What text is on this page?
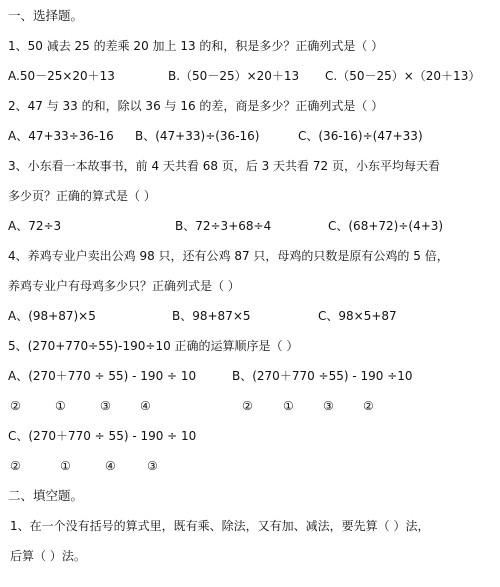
一、选择题。
1、50 减去 25 的差乘 20 加上 13 的和，积是多少？正确列式是（ ）
A.50－25×20＋13	B.（50－25）×20＋13 C.（50－25）×（20＋13）
2、47 与 33 的和，除以 36 与 16 的差，商是多少？正确列式是（ ）
A、47+33÷36-16 B、(47+33)÷(36-16)	C、(36-16)÷(47+33)
3、小东看一本故事书，前 4 天共看 68 页，后 3 天共看 72 页，小东平均每天看
多少页？正确的算式是（ ）
A、72÷3	B、72÷3+68÷4	C、(68+72)÷(4+3)
4、养鸡专业户卖出公鸡 98 只，还有公鸡 87 只，母鸡的只数是原有公鸡的 5 倍，
养鸡专业户有母鸡多少只？正确列式是（ ）
A、(98+87)×5	B、98+87×5	C、98×5+87
5、(270+770÷55)-190÷10 正确的运算顺序是（ ）
A、(270＋770 ÷ 55) - 190 ÷ 10	B、(270＋770 ÷55) - 190 ÷10
②	①	③ ④	②	① ③ ②
C、(270＋770 ÷ 55) - 190 ÷ 10
②	①	④	③
二、填空题。
1、在一个没有括号的算式里，既有乘、除法，又有加、减法，要先算（ ）法，
后算（ ）法。
